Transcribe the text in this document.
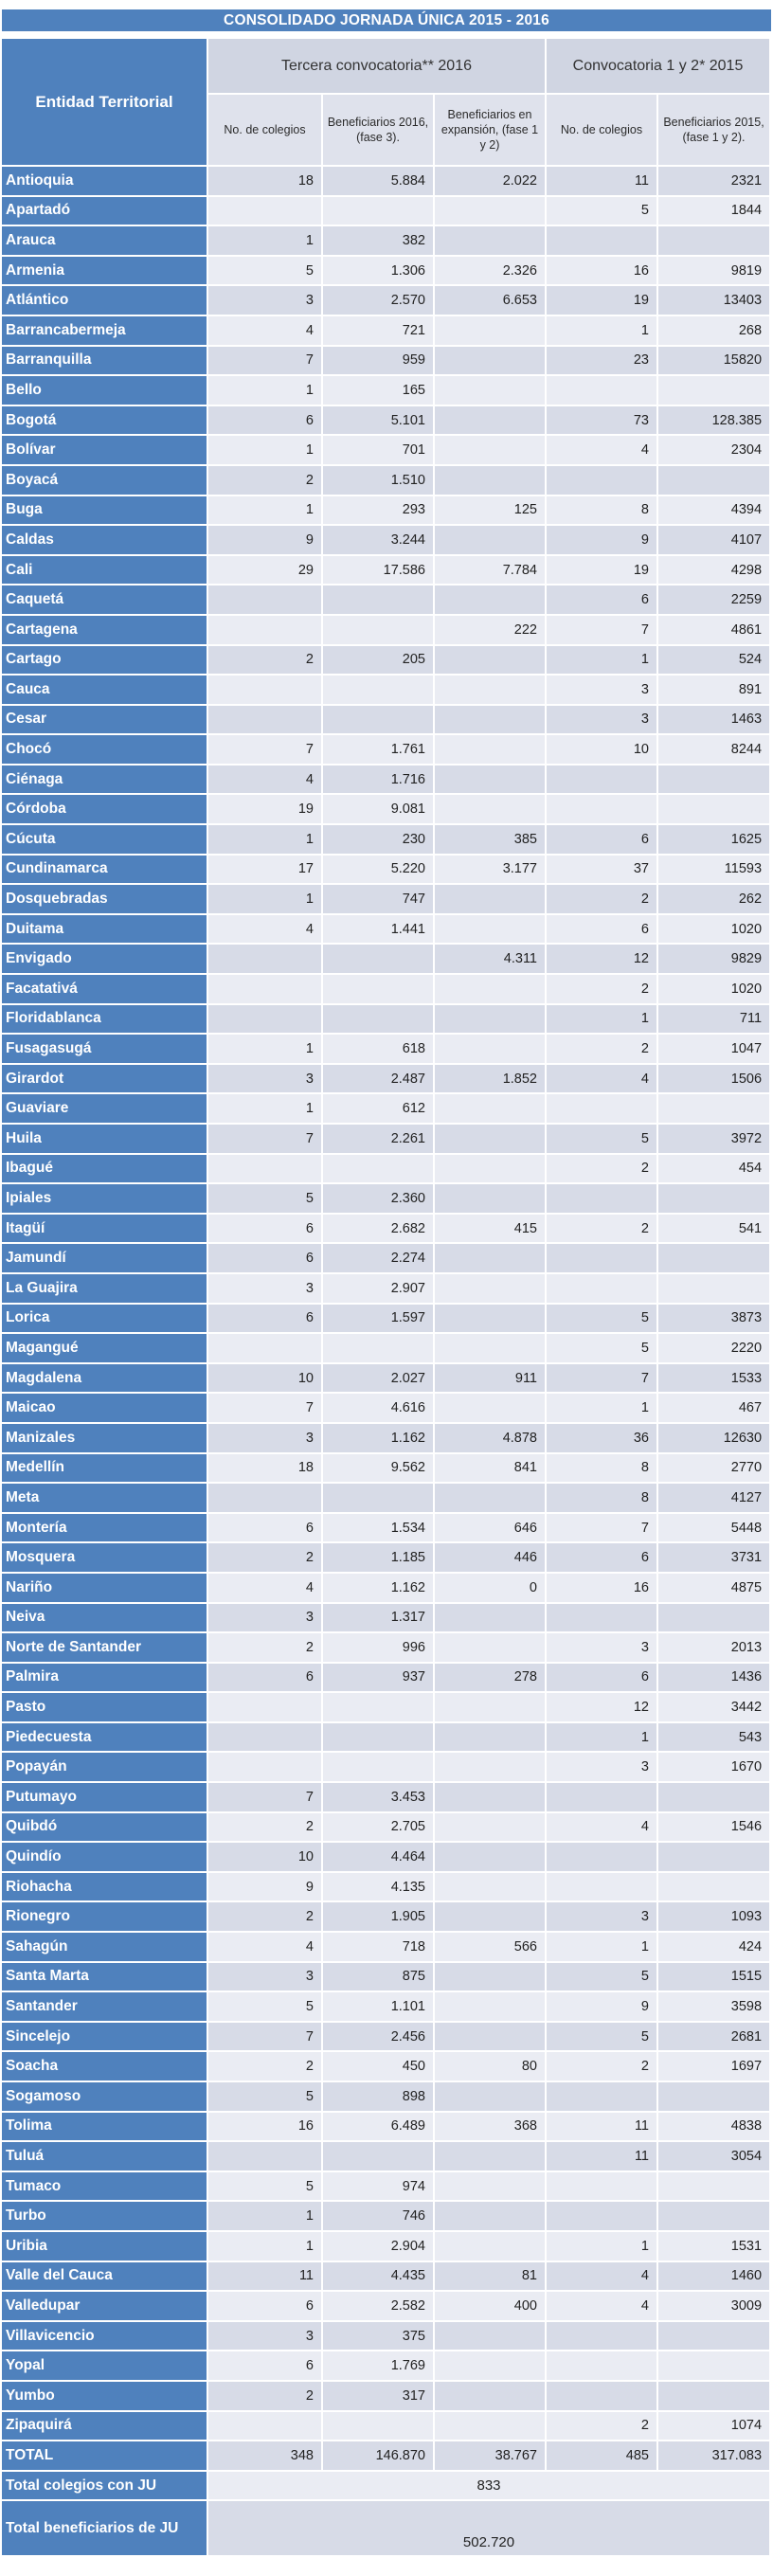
CONSOLIDADO JORNADA ÚNICA 2015 - 2016
Entidad Territorial	Tercera convocatoria** 2016			Convocatoria 1 y 2* 2015	
	No. de colegios	Beneficiarios 2016, (fase 3).	Beneficiarios en expansión, (fase 1 y 2)	No. de colegios	Beneficiarios 2015, (fase 1 y 2).
Antioquia	18	5.884	2.022	11	2321
Apartadó				5	1844
Arauca	1	382			
Armenia	5	1.306	2.326	16	9819
Atlántico	3	2.570	6.653	19	13403
Barrancabermeja	4	721		1	268
Barranquilla	7	959		23	15820
Bello	1	165			
Bogotá	6	5.101		73	128.385
Bolívar	1	701		4	2304
Boyacá	2	1.510			
Buga	1	293	125	8	4394
Caldas	9	3.244		9	4107
Cali	29	17.586	7.784	19	4298
Caquetá				6	2259
Cartagena			222	7	4861
Cartago	2	205		1	524
Cauca				3	891
Cesar				3	1463
Chocó	7	1.761		10	8244
Ciénaga	4	1.716			
Córdoba	19	9.081			
Cúcuta	1	230	385	6	1625
Cundinamarca	17	5.220	3.177	37	11593
Dosquebradas	1	747		2	262
Duitama	4	1.441		6	1020
Envigado			4.311	12	9829
Facatativá				2	1020
Floridablanca				1	711
Fusagasugá	1	618		2	1047
Girardot	3	2.487	1.852	4	1506
Guaviare	1	612			
Huila	7	2.261		5	3972
Ibagué				2	454
Ipiales	5	2.360			
Itagüí	6	2.682	415	2	541
Jamundí	6	2.274			
La Guajira	3	2.907			
Lorica	6	1.597		5	3873
Magangué				5	2220
Magdalena	10	2.027	911	7	1533
Maicao	7	4.616		1	467
Manizales	3	1.162	4.878	36	12630
Medellín	18	9.562	841	8	2770
Meta				8	4127
Montería	6	1.534	646	7	5448
Mosquera	2	1.185	446	6	3731
Nariño	4	1.162	0	16	4875
Neiva	3	1.317			
Norte de Santander	2	996		3	2013
Palmira	6	937	278	6	1436
Pasto				12	3442
Piedecuesta				1	543
Popayán				3	1670
Putumayo	7	3.453			
Quibdó	2	2.705		4	1546
Quindío	10	4.464			
Riohacha	9	4.135			
Rionegro	2	1.905		3	1093
Sahagún	4	718	566	1	424
Santa Marta	3	875		5	1515
Santander	5	1.101		9	3598
Sincelejo	7	2.456		5	2681
Soacha	2	450	80	2	1697
Sogamoso	5	898			
Tolima	16	6.489	368	11	4838
Tuluá				11	3054
Tumaco	5	974			
Turbo	1	746			
Uribia	1	2.904		1	1531
Valle del Cauca	11	4.435	81	4	1460
Valledupar	6	2.582	400	4	3009
Villavicencio	3	375			
Yopal	6	1.769			
Yumbo	2	317			
Zipaquirá				2	1074
TOTAL	348	146.870	38.767	485	317.083
Total colegios con JU	833				
Total beneficiarios de JU	502.720				
